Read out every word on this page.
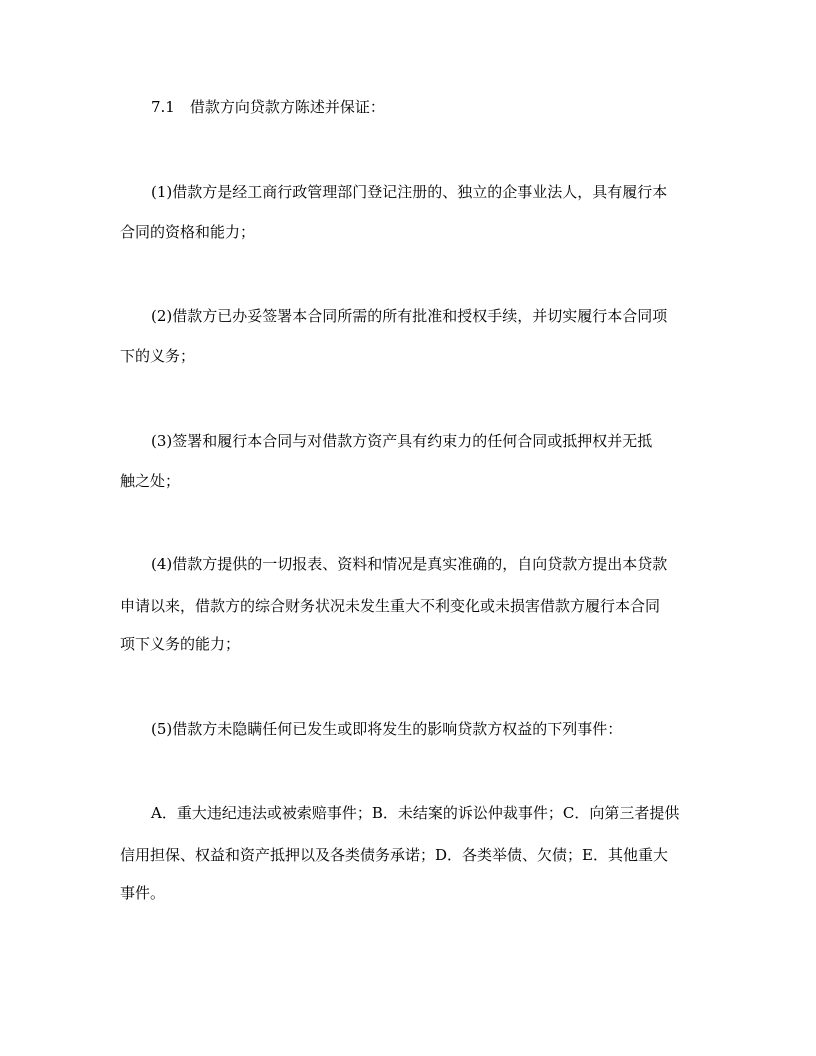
7.1　借款方向贷款方陈述并保证：
(1)借款方是经工商行政管理部门登记注册的、独立的企事业法人，具有履行本
合同的资格和能力；
(2)借款方已办妥签署本合同所需的所有批准和授权手续，并切实履行本合同项
下的义务；
(3)签署和履行本合同与对借款方资产具有约束力的任何合同或抵押权并无抵
触之处；
(4)借款方提供的一切报表、资料和情况是真实准确的，自向贷款方提出本贷款
申请以来，借款方的综合财务状况未发生重大不利变化或未损害借款方履行本合同
项下义务的能力；
(5)借款方未隐瞒任何已发生或即将发生的影响贷款方权益的下列事件：
A．重大违纪违法或被索赔事件；B．未结案的诉讼仲裁事件；C．向第三者提供
信用担保、权益和资产抵押以及各类债务承诺；D．各类举债、欠债；E．其他重大
事件。
